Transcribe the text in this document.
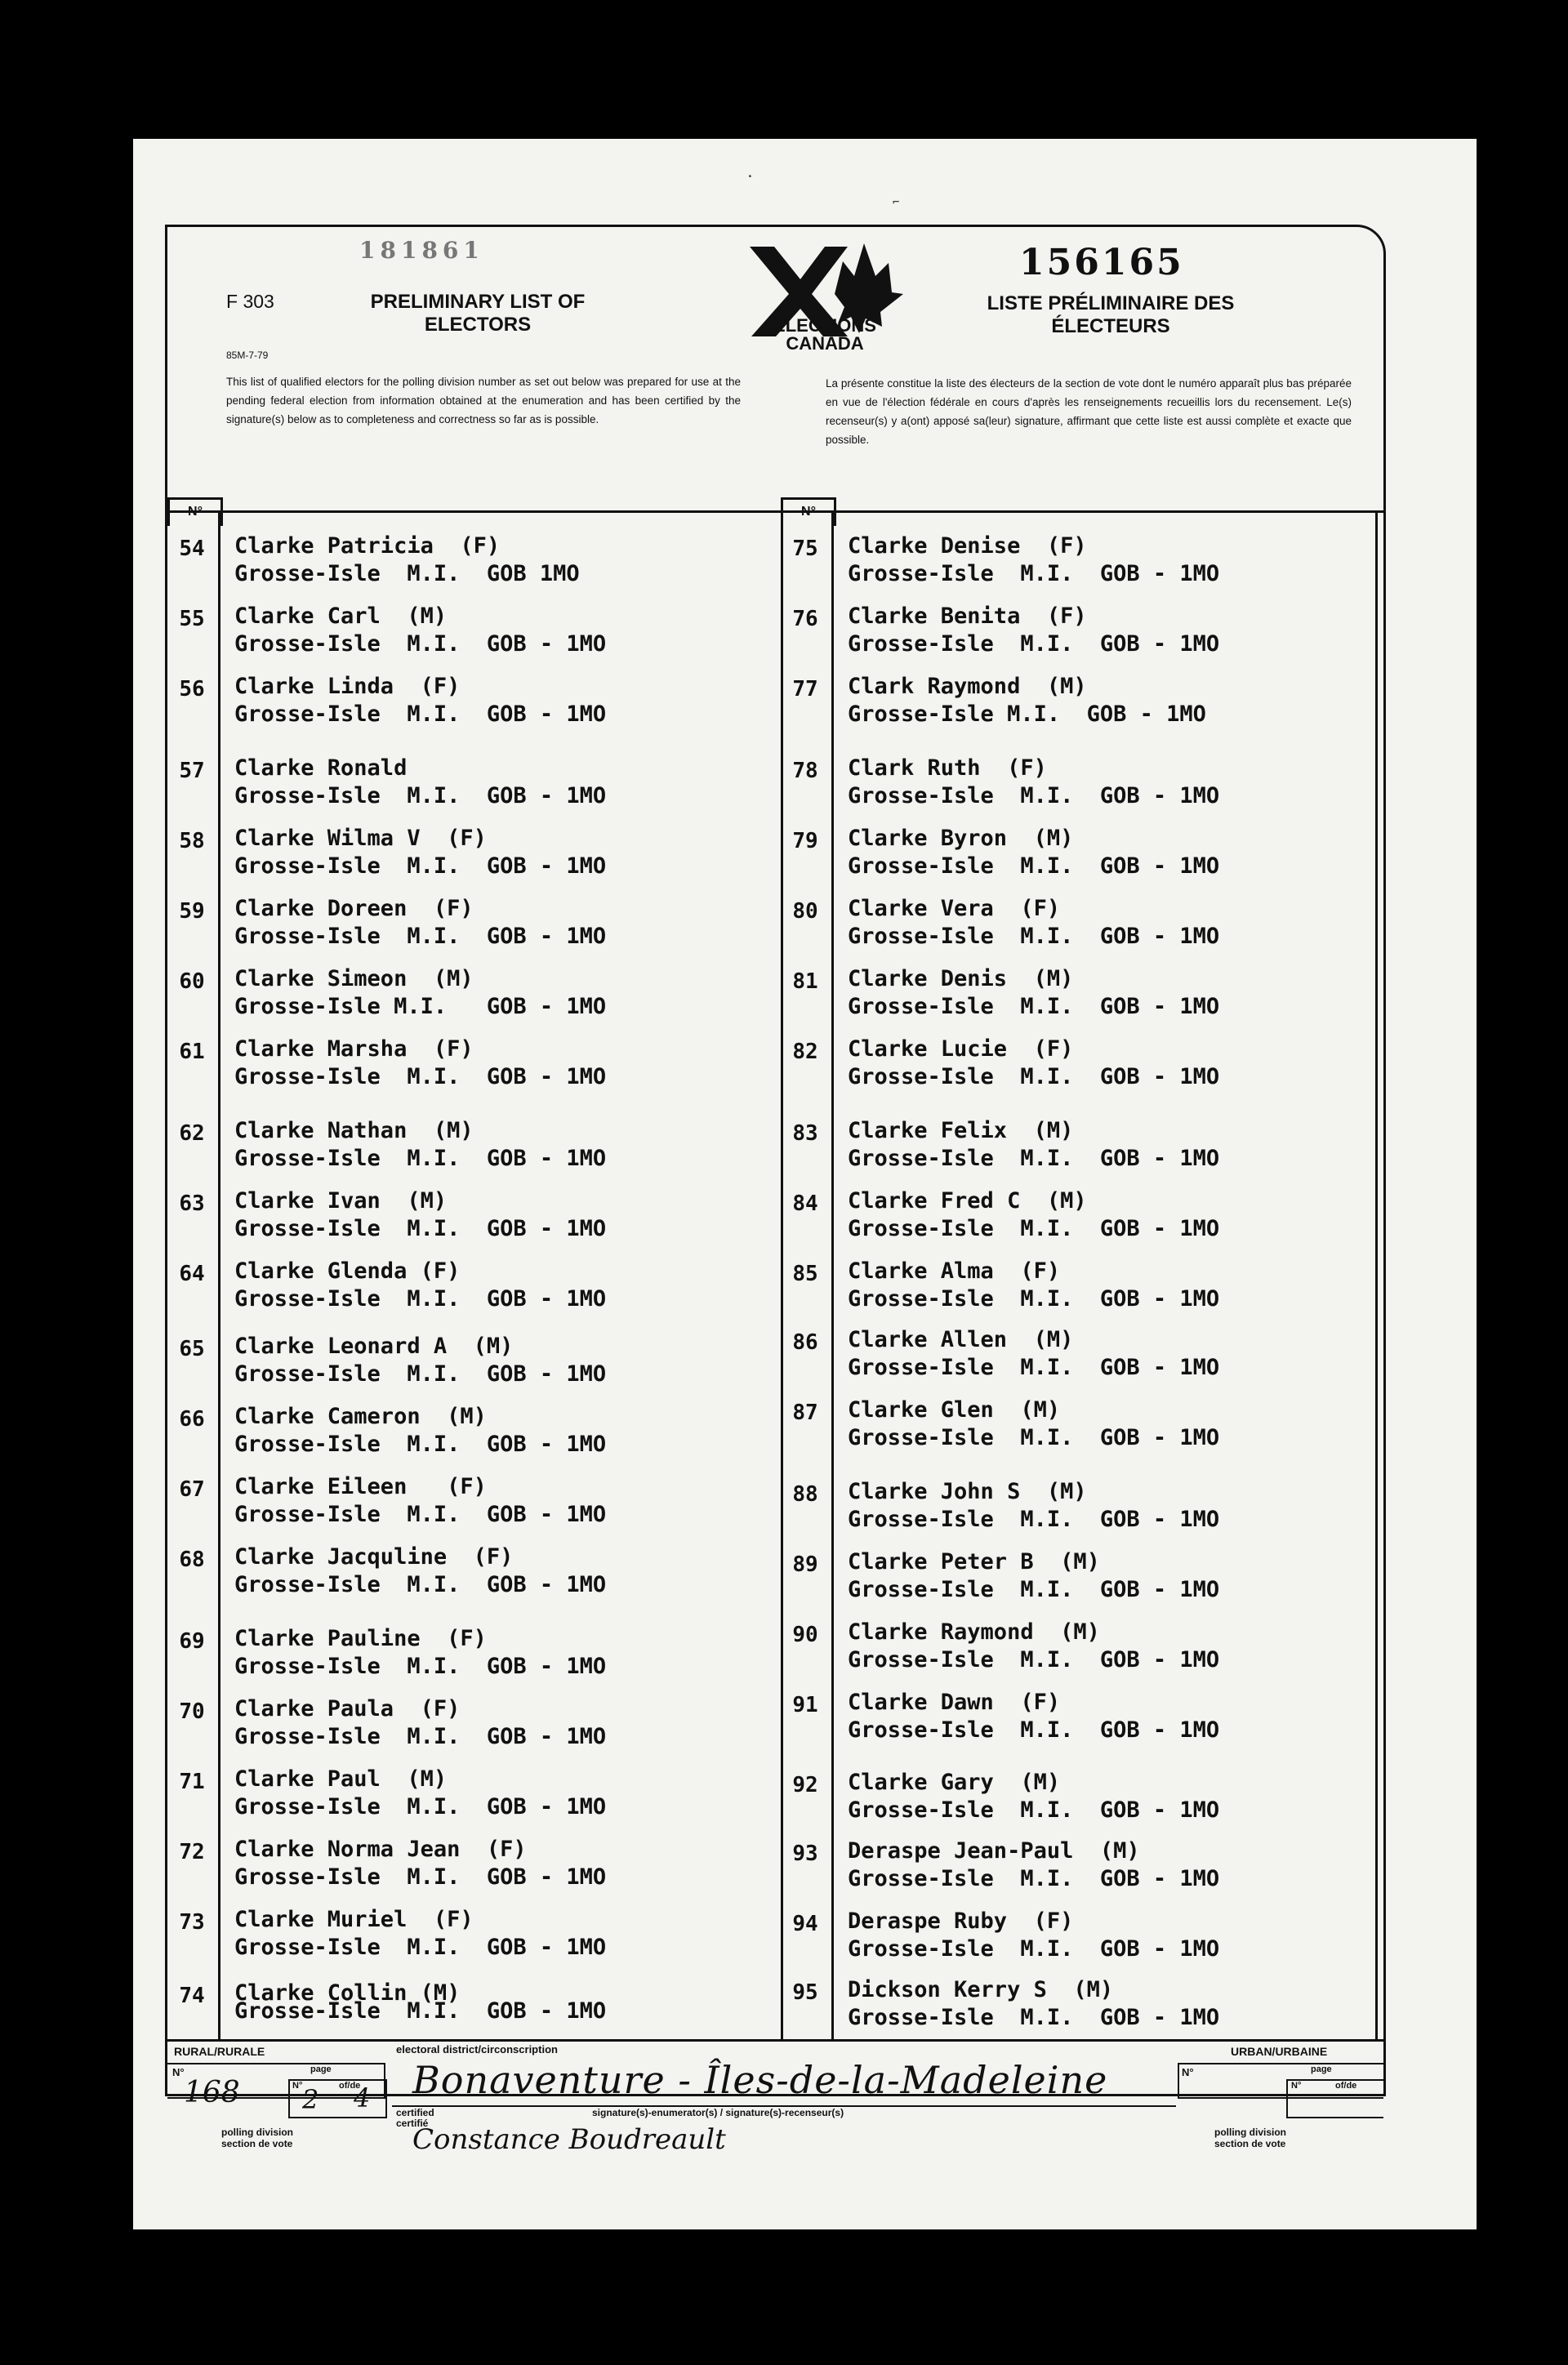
·
⌐
181861
F 303
85M-7-79
PRELIMINARY LIST OF
ELECTORS	ELECTIONS
CANADA
156165
LISTE PRÉLIMINAIRE DES
ÉLECTEURS
This list of qualified electors for the polling division number as set out below was prepared for use at the pending federal election from information obtained at the enumeration and has been certified by the signature(s) below as to completeness and correctness so far as is possible.
La présente constitue la liste des électeurs de la section de vote dont le numéro apparaît plus bas préparée en vue de l'élection fédérale en cours d'après les renseignements recueillis lors du recensement. Le(s) recenseur(s) y a(ont) apposé sa(leur) signature, affirmant que cette liste est aussi complète et exacte que possible.
N°	N°
54	Clarke Patricia  (F)
Grosse-Isle  M.I.  GOB 1MO
55	Clarke Carl  (M)
Grosse-Isle  M.I.  GOB - 1MO
56	Clarke Linda  (F)
Grosse-Isle  M.I.  GOB - 1MO
57	Clarke Ronald
Grosse-Isle  M.I.  GOB - 1MO
58	Clarke Wilma V  (F)
Grosse-Isle  M.I.  GOB - 1MO
59	Clarke Doreen  (F)
Grosse-Isle  M.I.  GOB - 1MO
60	Clarke Simeon  (M)
Grosse-Isle M.I.   GOB - 1MO
61	Clarke Marsha  (F)
Grosse-Isle  M.I.  GOB - 1MO
62	Clarke Nathan  (M)
Grosse-Isle  M.I.  GOB - 1MO
63	Clarke Ivan  (M)
Grosse-Isle  M.I.  GOB - 1MO
64	Clarke Glenda (F)
Grosse-Isle  M.I.  GOB - 1MO
65	Clarke Leonard A  (M)
Grosse-Isle  M.I.  GOB - 1MO
66	Clarke Cameron  (M)
Grosse-Isle  M.I.  GOB - 1MO
67	Clarke Eileen   (F)
Grosse-Isle  M.I.  GOB - 1MO
68	Clarke Jacquline  (F)
Grosse-Isle  M.I.  GOB - 1MO
69	Clarke Pauline  (F)
Grosse-Isle  M.I.  GOB - 1MO
70	Clarke Paula  (F)
Grosse-Isle  M.I.  GOB - 1MO
71	Clarke Paul  (M)
Grosse-Isle  M.I.  GOB - 1MO
72	Clarke Norma Jean  (F)
Grosse-Isle  M.I.  GOB - 1MO
73	Clarke Muriel  (F)
Grosse-Isle  M.I.  GOB - 1MO
74	Clarke Collin (M)
Grosse-Isle  M.I.  GOB - 1MO
75	Clarke Denise  (F)
Grosse-Isle  M.I.  GOB - 1MO
76	Clarke Benita  (F)
Grosse-Isle  M.I.  GOB - 1MO
77	Clark Raymond  (M)
Grosse-Isle M.I.  GOB - 1MO
78	Clark Ruth  (F)
Grosse-Isle  M.I.  GOB - 1MO
79	Clarke Byron  (M)
Grosse-Isle  M.I.  GOB - 1MO
80	Clarke Vera  (F)
Grosse-Isle  M.I.  GOB - 1MO
81	Clarke Denis  (M)
Grosse-Isle  M.I.  GOB - 1MO
82	Clarke Lucie  (F)
Grosse-Isle  M.I.  GOB - 1MO
83	Clarke Felix  (M)
Grosse-Isle  M.I.  GOB - 1MO
84	Clarke Fred C  (M)
Grosse-Isle  M.I.  GOB - 1MO
85	Clarke Alma  (F)
Grosse-Isle  M.I.  GOB - 1MO
86	Clarke Allen  (M)
Grosse-Isle  M.I.  GOB - 1MO
87	Clarke Glen  (M)
Grosse-Isle  M.I.  GOB - 1MO
88	Clarke John S  (M)
Grosse-Isle  M.I.  GOB - 1MO
89	Clarke Peter B  (M)
Grosse-Isle  M.I.  GOB - 1MO
90	Clarke Raymond  (M)
Grosse-Isle  M.I.  GOB - 1MO
91	Clarke Dawn  (F)
Grosse-Isle  M.I.  GOB - 1MO
92	Clarke Gary  (M)
Grosse-Isle  M.I.  GOB - 1MO
93	Deraspe Jean-Paul  (M)
Grosse-Isle  M.I.  GOB - 1MO
94	Deraspe Ruby  (F)
Grosse-Isle  M.I.  GOB - 1MO
95	Dickson Kerry S  (M)
Grosse-Isle  M.I.  GOB - 1MO
RURAL/RURALE
N°	page
168	N°	of/de
2 4
polling division
section de vote
electoral district/circonscription
Bonaventure - Îles-de-la-Madeleine
certified
certifié
signature(s)-enumerator(s) / signature(s)-recenseur(s)
Constance Boudreault
URBAN/URBAINE
N°	page
N°	of/de
polling division
section de vote
